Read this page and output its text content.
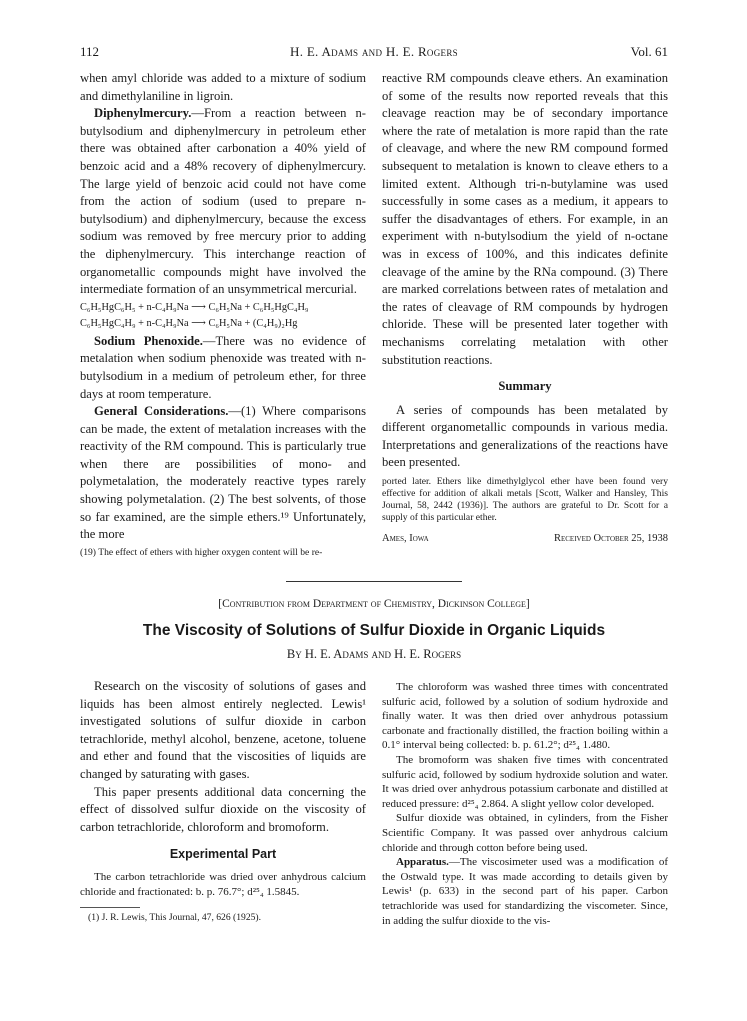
112	H. E. Adams and H. E. Rogers	Vol. 61

when amyl chloride was added to a mixture of sodium and dimethylaniline in ligroin.

Diphenylmercury.—From a reaction between n-butylsodium and diphenylmercury in petroleum ether there was obtained after carbonation a 40% yield of benzoic acid and a 48% recovery of diphenylmercury. The large yield of benzoic acid could not have come from the action of sodium (used to prepare n-butylsodium) and diphenylmercury, because the excess sodium was removed by free mercury prior to adding the diphenylmercury. This interchange reaction of organometallic compounds might have involved the intermediate formation of an unsymmetrical mercurial.

C₆H₅HgC₆H₅ + n-C₄H₉Na ⟶ C₆H₅Na + C₆H₅HgC₄H₉
C₆H₅HgC₄H₉ + n-C₄H₉Na ⟶ C₆H₅Na + (C₄H₉)₂Hg

Sodium Phenoxide.—There was no evidence of metalation when sodium phenoxide was treated with n-butylsodium in a medium of petroleum ether, for three days at room temperature.

General Considerations.—(1) Where comparisons can be made, the extent of metalation increases with the reactivity of the RM compound. This is particularly true when there are possibilities of mono- and polymetalation, the moderately reactive types rarely showing polymetalation. (2) The best solvents, of those so far examined, are the simple ethers.¹⁹ Unfortunately, the more

(19) The effect of ethers with higher oxygen content will be re-

reactive RM compounds cleave ethers. An examination of some of the results now reported reveals that this cleavage reaction may be of secondary importance where the rate of metalation is more rapid than the rate of cleavage, and where the new RM compound formed subsequent to metalation is known to cleave ethers to a limited extent. Although tri-n-butylamine was used successfully in some cases as a medium, it appears to suffer the disadvantages of ethers. For example, in an experiment with n-butylsodium the yield of n-octane was in excess of 100%, and this indicates definite cleavage of the amine by the RNa compound. (3) There are marked correlations between rates of metalation and the rates of cleavage of RM compounds by hydrogen chloride. These will be presented later together with mechanisms correlating metalation with other substitution reactions.

Summary

A series of compounds has been metalated by different organometallic compounds in various media. Interpretations and generalizations of the reactions have been presented.

ported later. Ethers like dimethylglycol ether have been found very effective for addition of alkali metals [Scott, Walker and Hansley, This Journal, 58, 2442 (1936)]. The authors are grateful to Dr. Scott for a supply of this particular ether.

Ames, Iowa	Received October 25, 1938
[Contribution from Department of Chemistry, Dickinson College]
The Viscosity of Solutions of Sulfur Dioxide in Organic Liquids
By H. E. Adams and H. E. Rogers

Research on the viscosity of solutions of gases and liquids has been almost entirely neglected. Lewis¹ investigated solutions of sulfur dioxide in carbon tetrachloride, methyl alcohol, benzene, acetone, toluene and ether and found that the viscosities of liquids are changed by saturating with gases.

This paper presents additional data concerning the effect of dissolved sulfur dioxide on the viscosity of carbon tetrachloride, chloroform and bromoform.

Experimental Part

The carbon tetrachloride was dried over anhydrous calcium chloride and fractionated: b. p. 76.7°; d²⁵₄ 1.5845.

(1) J. R. Lewis, This Journal, 47, 626 (1925).

The chloroform was washed three times with concentrated sulfuric acid, followed by a solution of sodium hydroxide and finally water. It was then dried over anhydrous potassium carbonate and fractionally distilled, the fraction boiling within a 0.1° interval being collected: b. p. 61.2°; d²⁵₄ 1.480.

The bromoform was shaken five times with concentrated sulfuric acid, followed by sodium hydroxide solution and water. It was dried over anhydrous potassium carbonate and distilled at reduced pressure: d²⁵₄ 2.864. A slight yellow color developed.

Sulfur dioxide was obtained, in cylinders, from the Fisher Scientific Company. It was passed over anhydrous calcium chloride and through cotton before being used.

Apparatus.—The viscosimeter used was a modification of the Ostwald type. It was made according to details given by Lewis¹ (p. 633) in the second part of his paper. Carbon tetrachloride was used for standardizing the viscometer. Since, in adding the sulfur dioxide to the vis-
